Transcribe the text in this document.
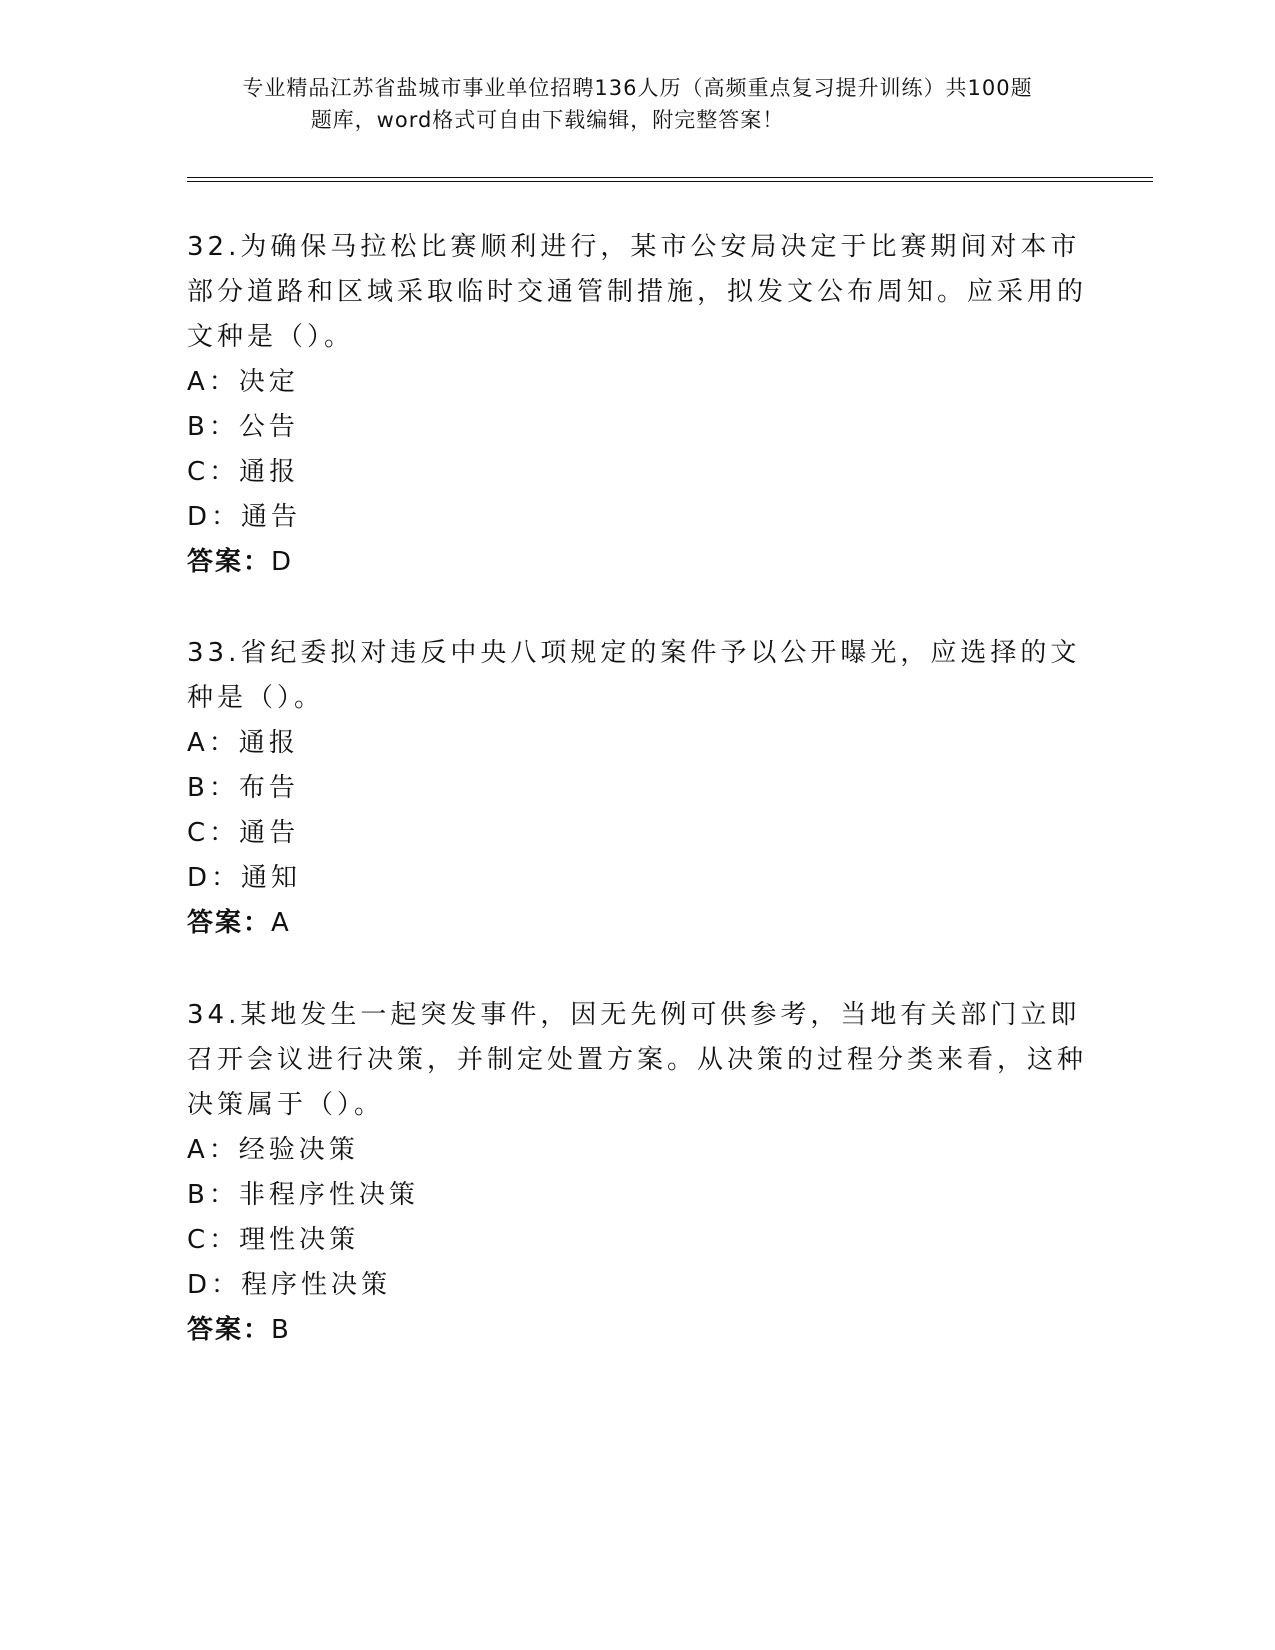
专业精品江苏省盐城市事业单位招聘136人历（高频重点复习提升训练）共100题
题库，word格式可自由下载编辑，附完整答案！
32.为确保马拉松比赛顺利进行，某市公安局决定于比赛期间对本市部分道路和区域采取临时交通管制措施，拟发文公布周知。应采用的文种是（）。
A：决定
B：公告
C：通报
D：通告
答案：D
33.省纪委拟对违反中央八项规定的案件予以公开曝光，应选择的文种是（）。
A：通报
B：布告
C：通告
D：通知
答案：A
34.某地发生一起突发事件，因无先例可供参考，当地有关部门立即召开会议进行决策，并制定处置方案。从决策的过程分类来看，这种决策属于（）。
A：经验决策
B：非程序性决策
C：理性决策
D：程序性决策
答案：B
